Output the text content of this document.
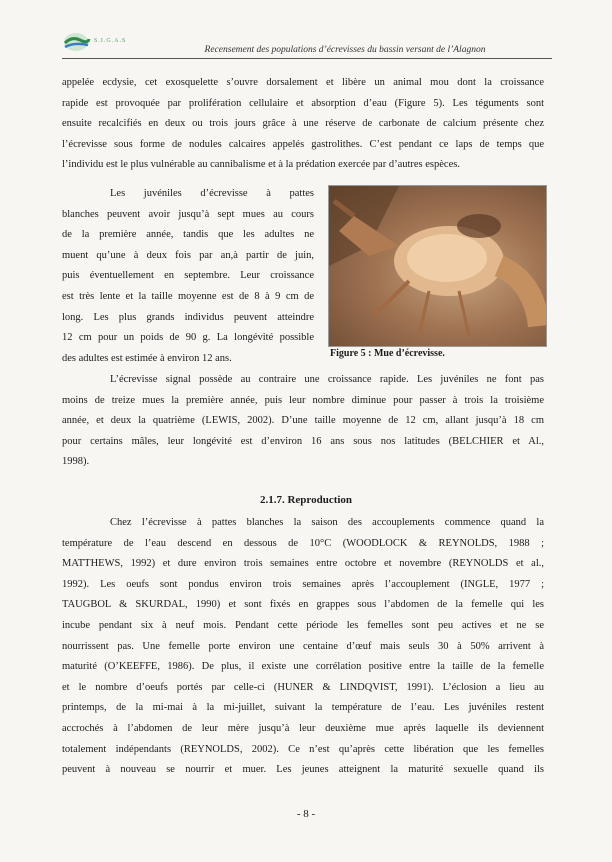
S.I.G.A.S
Recensement des populations d’écrevisses du bassin versant de l’Alagnon
appelée ecdysie, cet exosquelette s’ouvre dorsalement et libère un animal mou dont la croissance
rapide est provoquée par prolifération cellulaire et absorption d’eau (Figure 5). Les téguments sont
ensuite recalcifiés en deux ou trois jours grâce à une réserve de carbonate de calcium présente chez
l’écrevisse sous forme de nodules calcaires appelés gastrolithes. C’est pendant ce laps de temps que
l’individu est le plus vulnérable au cannibalisme et à la prédation exercée par d’autres espèces.
Les juvéniles d’écrevisse à pattes
blanches peuvent avoir jusqu’à sept mues au cours
de la première année, tandis que les adultes ne
muent qu’une à deux fois par an,à partir de juin,
puis éventuellement en septembre. Leur croissance
est très lente et la taille moyenne est de 8 à 9 cm de
long. Les plus grands individus peuvent atteindre
12 cm pour un poids de 90 g. La longévité possible
des adultes est estimée à environ 12 ans.	Figure 5 : Mue d’écrevisse.
L’écrevisse signal possède au contraire une croissance rapide. Les juvéniles ne font pas
moins de treize mues la première année, puis leur nombre diminue pour passer à trois la troisième
année, et deux la quatrième (LEWIS, 2002). D’une taille moyenne de 12 cm, allant jusqu’à 18 cm
pour certains mâles, leur longévité est d’environ 16 ans sous nos latitudes (BELCHIER et Al.,
1998).
2.1.7. Reproduction
Chez l’écrevisse à pattes blanches la saison des accouplements commence quand la
température de l’eau descend en dessous de 10°C (WOODLOCK & REYNOLDS, 1988 ;
MATTHEWS, 1992) et dure environ trois semaines entre octobre et novembre (REYNOLDS et al.,
1992). Les oeufs sont pondus environ trois semaines après l’accouplement (INGLE, 1977 ;
TAUGBOL & SKURDAL, 1990) et sont fixés en grappes sous l’abdomen de la femelle qui les
incube pendant six à neuf mois. Pendant cette période les femelles sont peu actives et ne se
nourrissent pas. Une femelle porte environ une centaine d’œuf mais seuls 30 à 50% arrivent à
maturité (O’KEEFFE, 1986). De plus, il existe une corrélation positive entre la taille de la femelle
et le nombre d’oeufs portés par celle-ci (HUNER & LINDQVIST, 1991). L’éclosion a lieu au
printemps, de la mi-mai à la mi-juillet, suivant la température de l’eau. Les juvéniles restent
accrochés à l’abdomen de leur mère jusqu’à leur deuxième mue après laquelle ils deviennent
totalement indépendants (REYNOLDS, 2002). Ce n’est qu’après cette libération que les femelles
peuvent à nouveau se nourrir et muer. Les jeunes atteignent la maturité sexuelle quand ils
- 8 -
